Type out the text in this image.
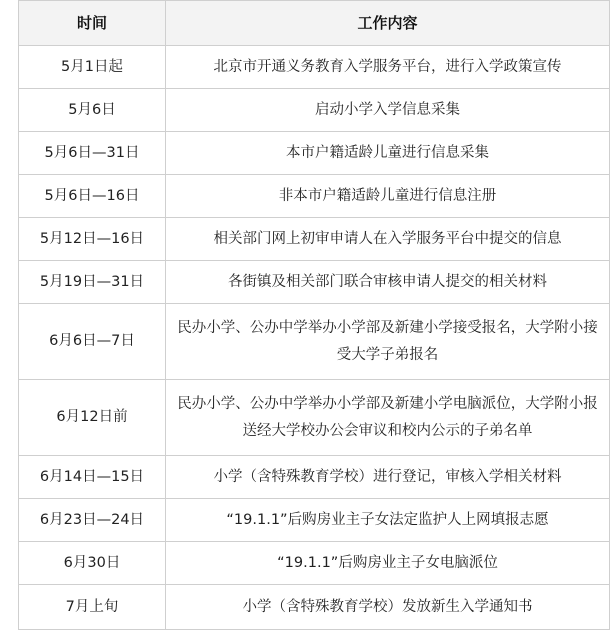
时间	工作内容
5月1日起	北京市开通义务教育入学服务平台，进行入学政策宣传
5月6日	启动小学入学信息采集
5月6日—31日	本市户籍适龄儿童进行信息采集
5月6日—16日	非本市户籍适龄儿童进行信息注册
5月12日—16日	相关部门网上初审申请人在入学服务平台中提交的信息
5月19日—31日	各街镇及相关部门联合审核申请人提交的相关材料
6月6日—7日	民办小学、公办中学举办小学部及新建小学接受报名，大学附小接受大学子弟报名
6月12日前	民办小学、公办中学举办小学部及新建小学电脑派位，大学附小报送经大学校办公会审议和校内公示的子弟名单
6月14日—15日	小学（含特殊教育学校）进行登记，审核入学相关材料
6月23日—24日	“19.1.1”后购房业主子女法定监护人上网填报志愿
6月30日	“19.1.1”后购房业主子女电脑派位
7月上旬	小学（含特殊教育学校）发放新生入学通知书
